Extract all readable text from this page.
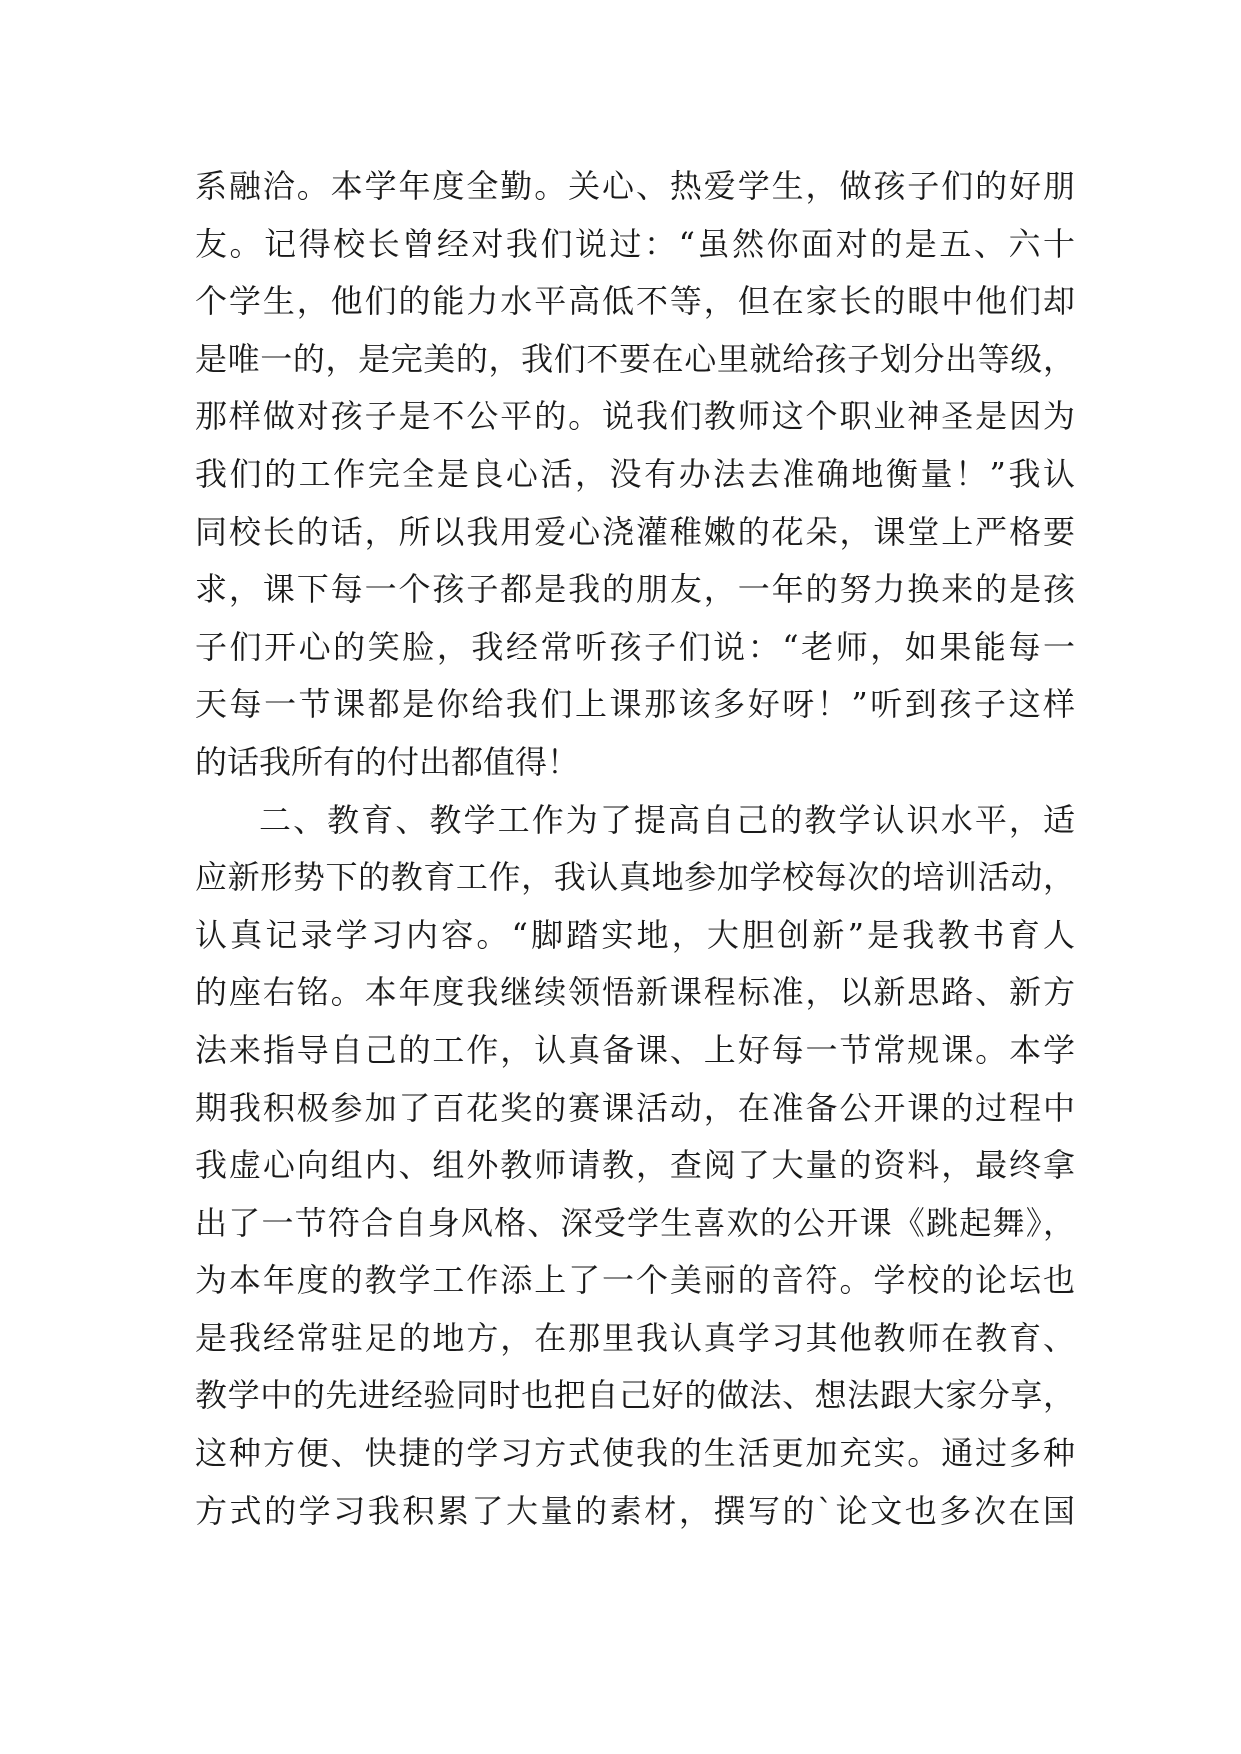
系融洽。本学年度全勤。关心、热爱学生，做孩子们的好朋
友。记得校长曾经对我们说过：“虽然你面对的是五、六十
个学生，他们的能力水平高低不等，但在家长的眼中他们却
是唯一的，是完美的，我们不要在心里就给孩子划分出等级，
那样做对孩子是不公平的。说我们教师这个职业神圣是因为
我们的工作完全是良心活，没有办法去准确地衡量！”我认
同校长的话，所以我用爱心浇灌稚嫩的花朵，课堂上严格要
求，课下每一个孩子都是我的朋友，一年的努力换来的是孩
子们开心的笑脸，我经常听孩子们说：“老师，如果能每一
天每一节课都是你给我们上课那该多好呀！”听到孩子这样
的话我所有的付出都值得！
二、教育、教学工作为了提高自己的教学认识水平，适
应新形势下的教育工作，我认真地参加学校每次的培训活动，
认真记录学习内容。“脚踏实地，大胆创新”是我教书育人
的座右铭。本年度我继续领悟新课程标准，以新思路、新方
法来指导自己的工作，认真备课、上好每一节常规课。本学
期我积极参加了百花奖的赛课活动，在准备公开课的过程中
我虚心向组内、组外教师请教，查阅了大量的资料，最终拿
出了一节符合自身风格、深受学生喜欢的公开课《跳起舞》，
为本年度的教学工作添上了一个美丽的音符。学校的论坛也
是我经常驻足的地方，在那里我认真学习其他教师在教育、
教学中的先进经验同时也把自己好的做法、想法跟大家分享，
这种方便、快捷的学习方式使我的生活更加充实。通过多种
方式的学习我积累了大量的素材，撰写的`论文也多次在国
